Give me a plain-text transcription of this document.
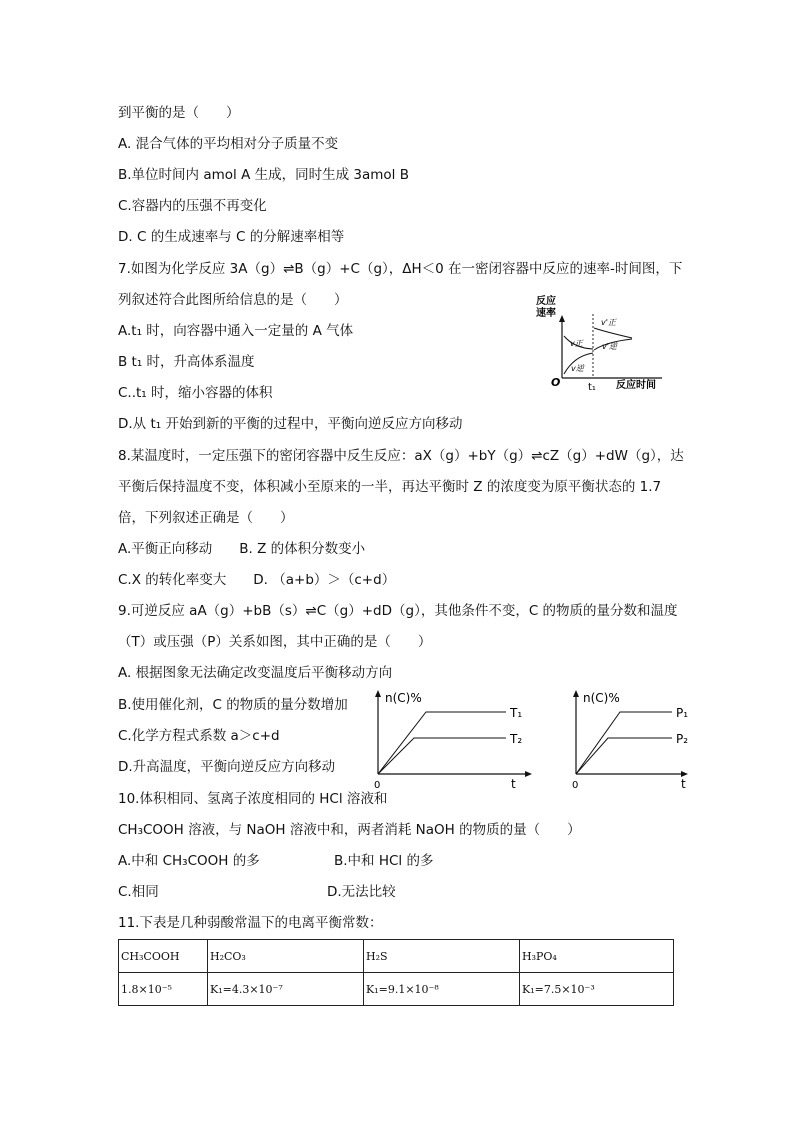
到平衡的是（　　）
A. 混合气体的平均相对分子质量不变
B.单位时间内 amol A 生成，同时生成 3amol B
C.容器内的压强不再变化
D. C 的生成速率与 C 的分解速率相等
7.如图为化学反应 3A（g）⇌B（g）+C（g），ΔH＜0 在一密闭容器中反应的速率-时间图，下
列叙述符合此图所给信息的是（　　）
A.t₁ 时，向容器中通入一定量的 A 气体
B t₁ 时，升高体系温度
C..t₁ 时，缩小容器的体积
D.从 t₁ 开始到新的平衡的过程中，平衡向逆反应方向移动
8.某温度时，一定压强下的密闭容器中反生反应：aX（g）+bY（g）⇌cZ（g）+dW（g），达
平衡后保持温度不变，体积减小至原来的一半，再达平衡时 Z 的浓度变为原平衡状态的 1.7
倍，下列叙述正确是（　　）
A.平衡正向移动　　B. Z 的体积分数变小
C.X 的转化率变大　　D. （a+b）＞（c+d）
9.可逆反应 aA（g）+bB（s）⇌C（g）+dD（g），其他条件不变，C 的物质的量分数和温度
（T）或压强（P）关系如图，其中正确的是（　　）
A. 根据图象无法确定改变温度后平衡移动方向
B.使用催化剂，C 的物质的量分数增加
C.化学方程式系数 a＞c+d
D.升高温度，平衡向逆反应方向移动
10.体积相同、氢离子浓度相同的 HCl 溶液和
CH₃COOH 溶液，与 NaOH 溶液中和，两者消耗 NaOH 的物质的量（　　）
A.中和 CH₃COOH 的多	B.中和 HCl 的多
C.相同	D.无法比较
11.下表是几种弱酸常温下的电离平衡常数：
反应
速率
O
v正
v逆
v'正
v'逆
t₁ 反应时间
n(C)%
0	t
T₁
T₂
n(C)%
0	t
P₁
P₂
CH₃COOH	H₂CO₃	H₂S	H₃PO₄
1.8×10⁻⁵	K₁=4.3×10⁻⁷	K₁=9.1×10⁻⁸	K₁=7.5×10⁻³
